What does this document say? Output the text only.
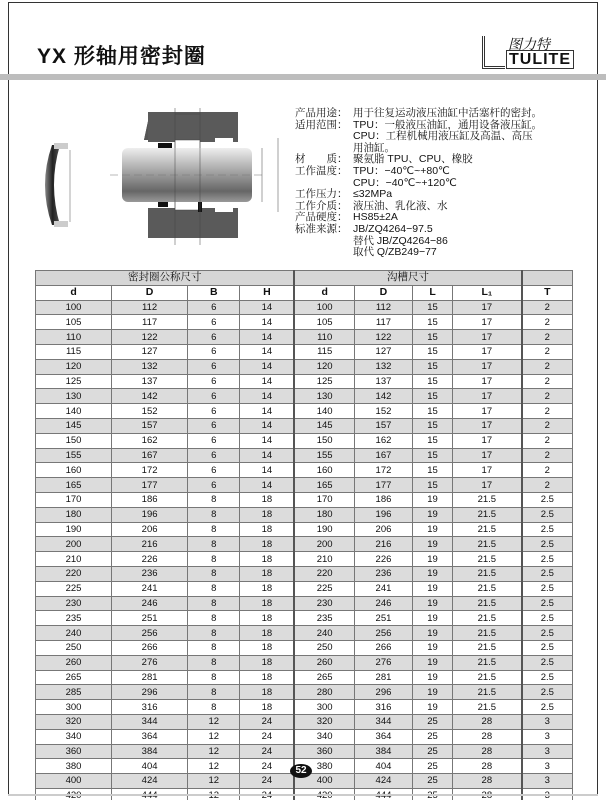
YX 形轴用密封圈
图力特
TULITE
产品用途： 用于往复运动液压油缸中活塞杆的密封。
适用范围： TPU：一般液压油缸，通用设备液压缸。
CPU：工程机械用液压缸及高温、高压
用油缸。
材　　质： 聚氨脂 TPU、CPU、橡胶
工作温度： TPU：−40℃~+80℃
CPU：−40℃~+120℃
工作压力： ≤32MPa
工作介质： 液压油、乳化液、水
产品硬度： HS85±2A
标准来源： JB/ZQ4264−97.5
替代 JB/ZQ4264−86
取代 Q/ZB249−77
密封圈公称尺寸				沟槽尺寸				
d	D	B	H	d	D	L	L₁	T
100	112	6	14	100	112	15	17	2
105	117	6	14	105	117	15	17	2
110	122	6	14	110	122	15	17	2
115	127	6	14	115	127	15	17	2
120	132	6	14	120	132	15	17	2
125	137	6	14	125	137	15	17	2
130	142	6	14	130	142	15	17	2
140	152	6	14	140	152	15	17	2
145	157	6	14	145	157	15	17	2
150	162	6	14	150	162	15	17	2
155	167	6	14	155	167	15	17	2
160	172	6	14	160	172	15	17	2
165	177	6	14	165	177	15	17	2
170	186	8	18	170	186	19	21.5	2.5
180	196	8	18	180	196	19	21.5	2.5
190	206	8	18	190	206	19	21.5	2.5
200	216	8	18	200	216	19	21.5	2.5
210	226	8	18	210	226	19	21.5	2.5
220	236	8	18	220	236	19	21.5	2.5
225	241	8	18	225	241	19	21.5	2.5
230	246	8	18	230	246	19	21.5	2.5
235	251	8	18	235	251	19	21.5	2.5
240	256	8	18	240	256	19	21.5	2.5
250	266	8	18	250	266	19	21.5	2.5
260	276	8	18	260	276	19	21.5	2.5
265	281	8	18	265	281	19	21.5	2.5
285	296	8	18	280	296	19	21.5	2.5
300	316	8	18	300	316	19	21.5	2.5
320	344	12	24	320	344	25	28	3
340	364	12	24	340	364	25	28	3
360	384	12	24	360	384	25	28	3
380	404	12	24	380	404	25	28	3
400	424	12	24	400	424	25	28	3
420	444	12	24	420	444	25	28	3
52
